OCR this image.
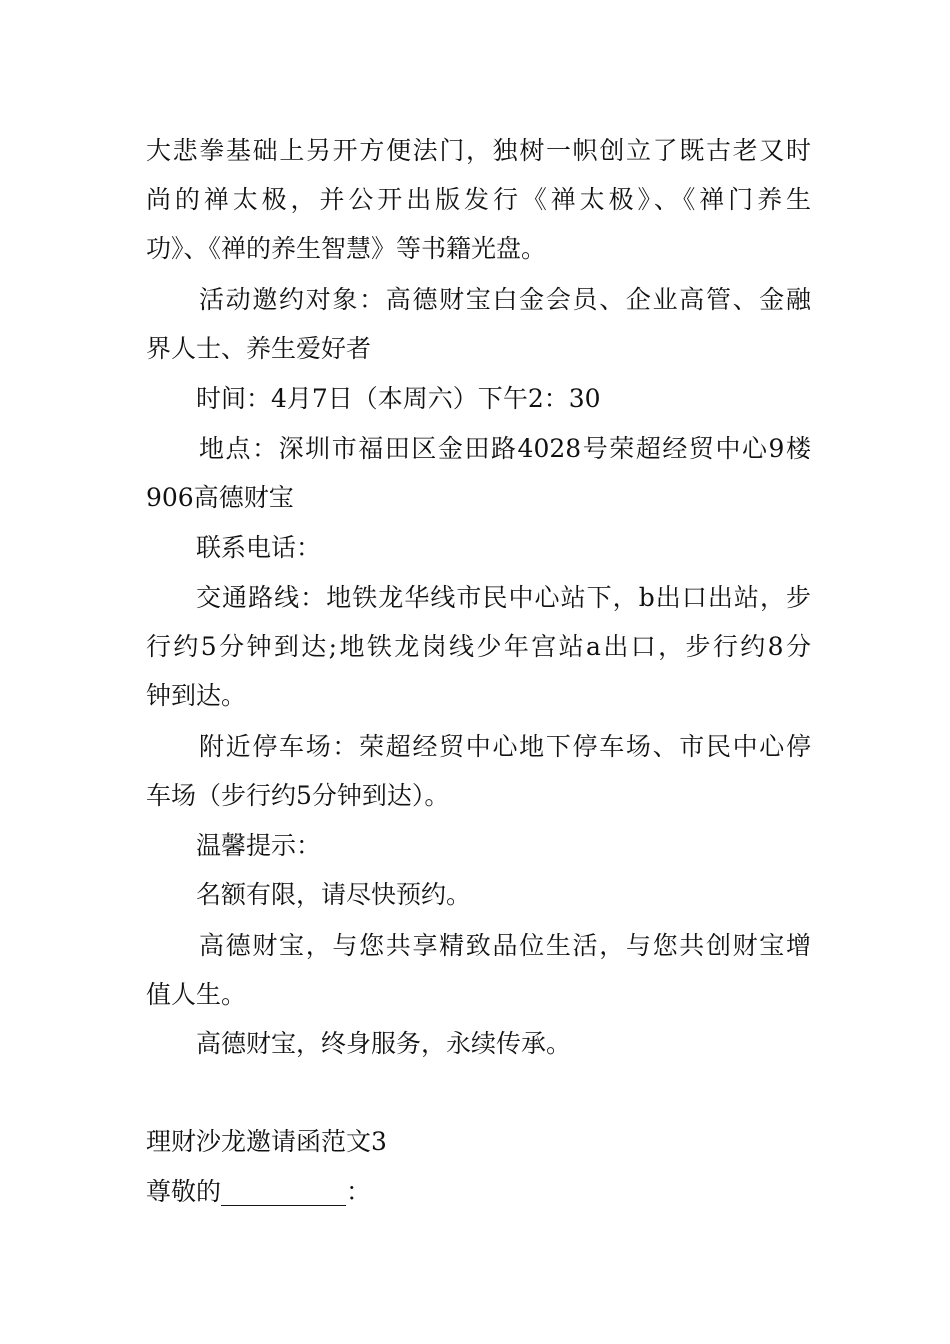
大悲拳基础上另开方便法门，独树一帜创立了既古老又时
尚的禅太极，并公开出版发行《禅太极》、《禅门养生
功》、《禅的养生智慧》等书籍光盘。
活动邀约对象：高德财宝白金会员、企业高管、金融
界人士、养生爱好者
时间：4月7日（本周六）下午2：30
地点：深圳市福田区金田路4028号荣超经贸中心9楼
906高德财宝
联系电话：
交通路线：地铁龙华线市民中心站下，b出口出站，步
行约5分钟到达;地铁龙岗线少年宫站a出口，步行约8分
钟到达。
附近停车场：荣超经贸中心地下停车场、市民中心停
车场（步行约5分钟到达）。
温馨提示：
名额有限，请尽快预约。
高德财宝，与您共享精致品位生活，与您共创财宝增
值人生。
高德财宝，终身服务，永续传承。
理财沙龙邀请函范文3
尊敬的__________：
